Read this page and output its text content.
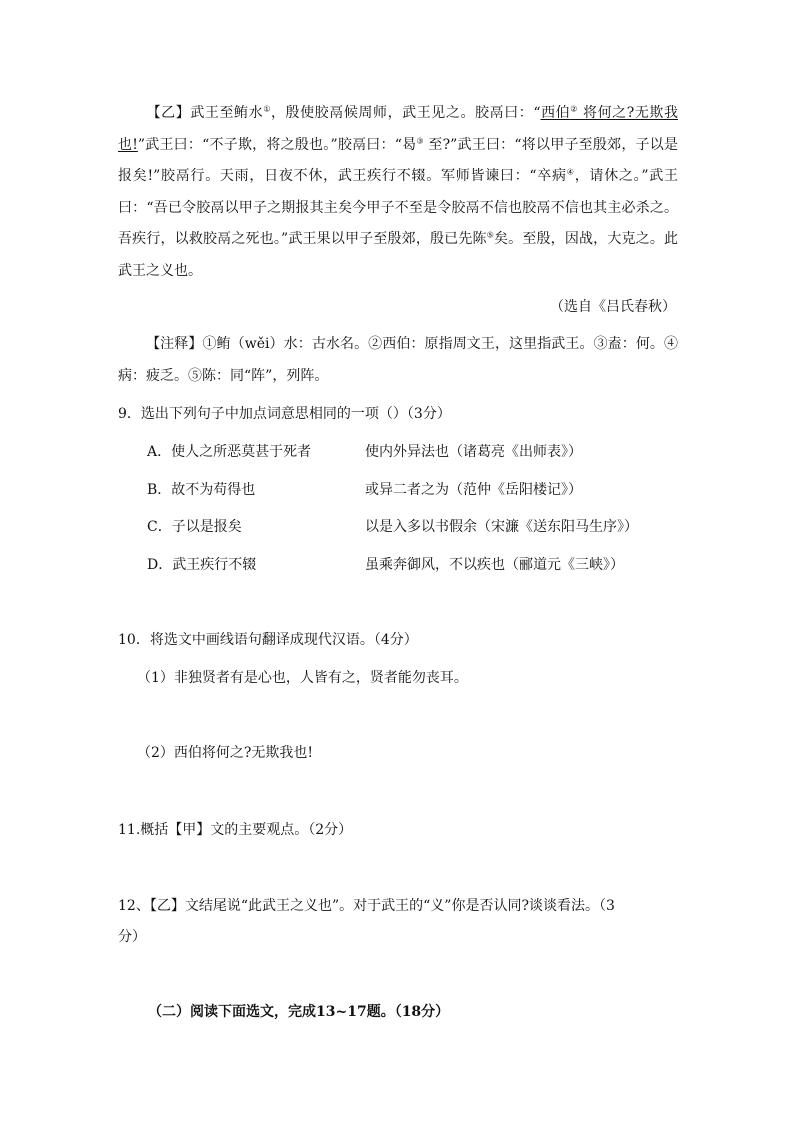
【乙】武王至鲔水①，殷使胶鬲候周师，武王见之。胶鬲曰：“西伯② 将何之?无欺我也!”武王曰：“不子欺，将之殷也。”胶鬲曰：“曷③ 至?”武王曰：“将以甲子至殷郊，子以是报矣!”胶鬲行。天雨，日夜不休，武王疾行不辍。军师皆谏曰：“卒病④，请休之。”武王曰：“吾已令胶鬲以甲子之期报其主矣今甲子不至是令胶鬲不信也胶鬲不信也其主必杀之。吾疾行，以救胶鬲之死也。”武王果以甲子至殷郊，殷已先陈⑤矣。至殷，因战，大克之。此武王之义也。
（选自《吕氏春秋）
【注释】①鲔（wěi）水：古水名。②西伯：原指周文王，这里指武王。③盍：何。④病：疲乏。⑤陈：同“阵”，列阵。
9．选出下列句子中加点词意思相同的一项（）（3分）
A．使人之所恶莫甚于死者	使内外异法也（诸葛亮《出师表》）
B．故不为苟得也	或异二者之为（范仲《岳阳楼记》）
C．子以是报矣	以是入多以书假余（宋濂《送东阳马生序》）
D．武王疾行不辍	虽乘奔御风，不以疾也（郦道元《三峡》）
10．将选文中画线语句翻译成现代汉语。（4分）
（1）非独贤者有是心也，人皆有之，贤者能勿丧耳。
（2）西伯将何之?无欺我也!
11.概括【甲】文的主要观点。（2分）
12、【乙】文结尾说“此武王之义也”。对于武王的“义”你是否认同?谈谈看法。（3
分）
（二）阅读下面选文，完成13~17题。（18分）
